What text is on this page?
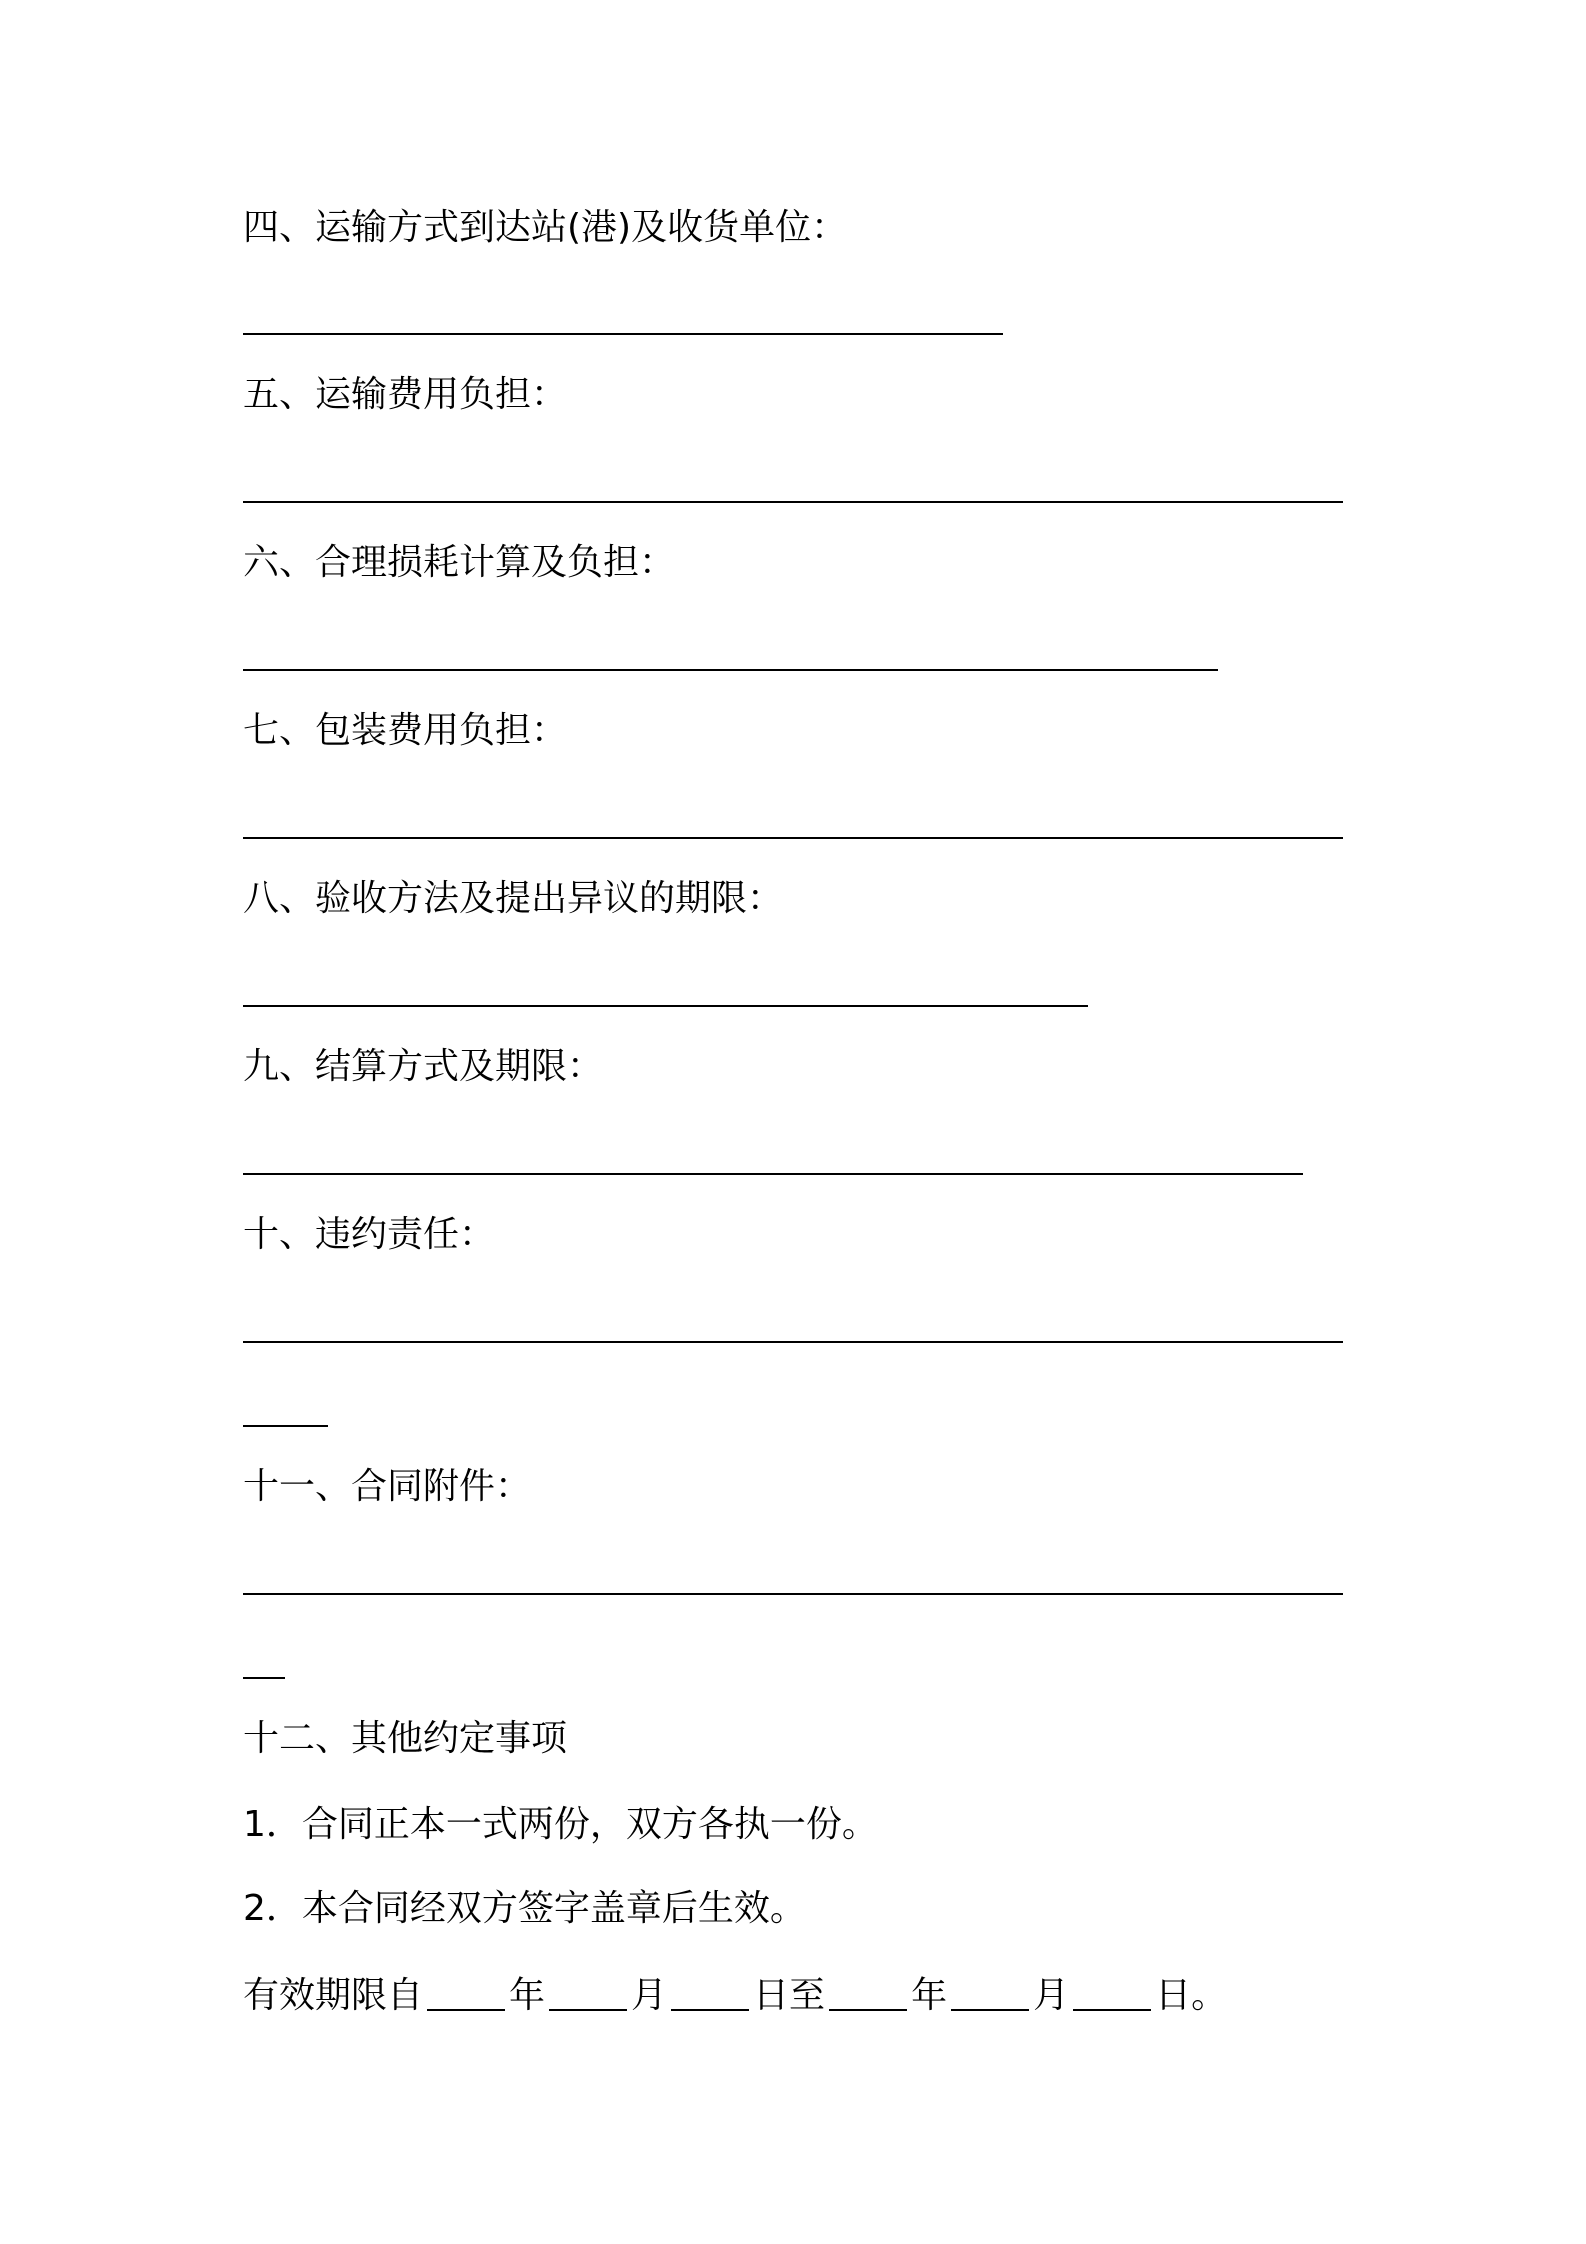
四、运输方式到达站(港)及收货单位：

五、运输费用负担：

六、合理损耗计算及负担：

七、包装费用负担：

八、验收方法及提出异议的期限：

九、结算方式及期限：

十、违约责任：

十一、合同附件：

十二、其他约定事项

1．合同正本一式两份，双方各执一份。

2．本合同经双方签字盖章后生效。

有效期限自 年 月 日至 年 月 日。
